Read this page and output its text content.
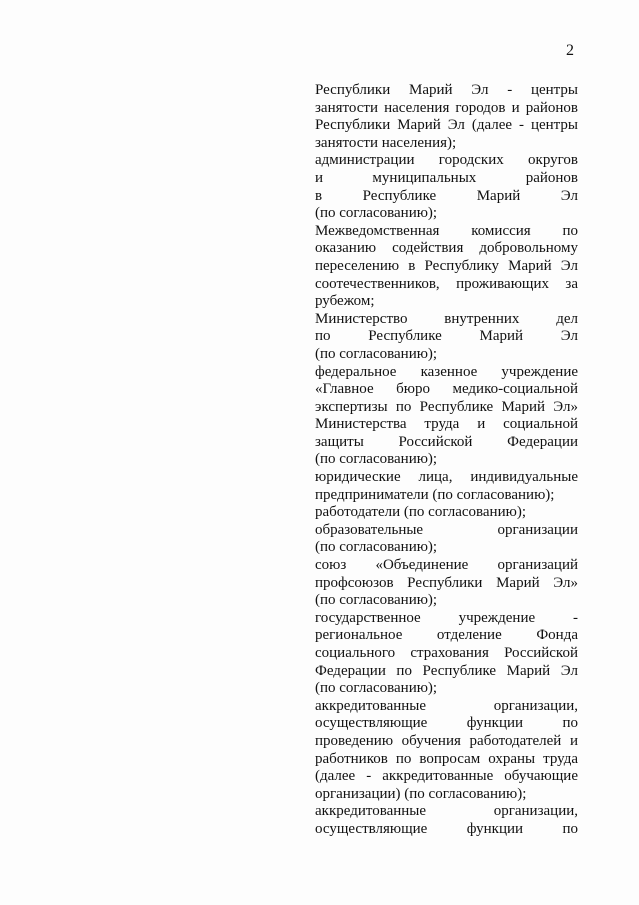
2
Республики Марий Эл - центры
занятости населения городов и районов
Республики Марий Эл (далее - центры
занятости населения);
администрации городских округов
и муниципальных районов
в Республике Марий Эл
(по согласованию);
Межведомственная комиссия по
оказанию содействия добровольному
переселению в Республику Марий Эл
соотечественников, проживающих за
рубежом;
Министерство внутренних дел
по Республике Марий Эл
(по согласованию);
федеральное казенное учреждение
«Главное бюро медико-социальной
экспертизы по Республике Марий Эл»
Министерства труда и социальной
защиты Российской Федерации
(по согласованию);
юридические лица, индивидуальные
предприниматели (по согласованию);
работодатели (по согласованию);
образовательные организации
(по согласованию);
союз «Объединение организаций
профсоюзов Республики Марий Эл»
(по согласованию);
государственное учреждение -
региональное отделение Фонда
социального страхования Российской
Федерации по Республике Марий Эл
(по согласованию);
аккредитованные организации,
осуществляющие функции по
проведению обучения работодателей и
работников по вопросам охраны труда
(далее - аккредитованные обучающие
организации) (по согласованию);
аккредитованные организации,
осуществляющие функции по
